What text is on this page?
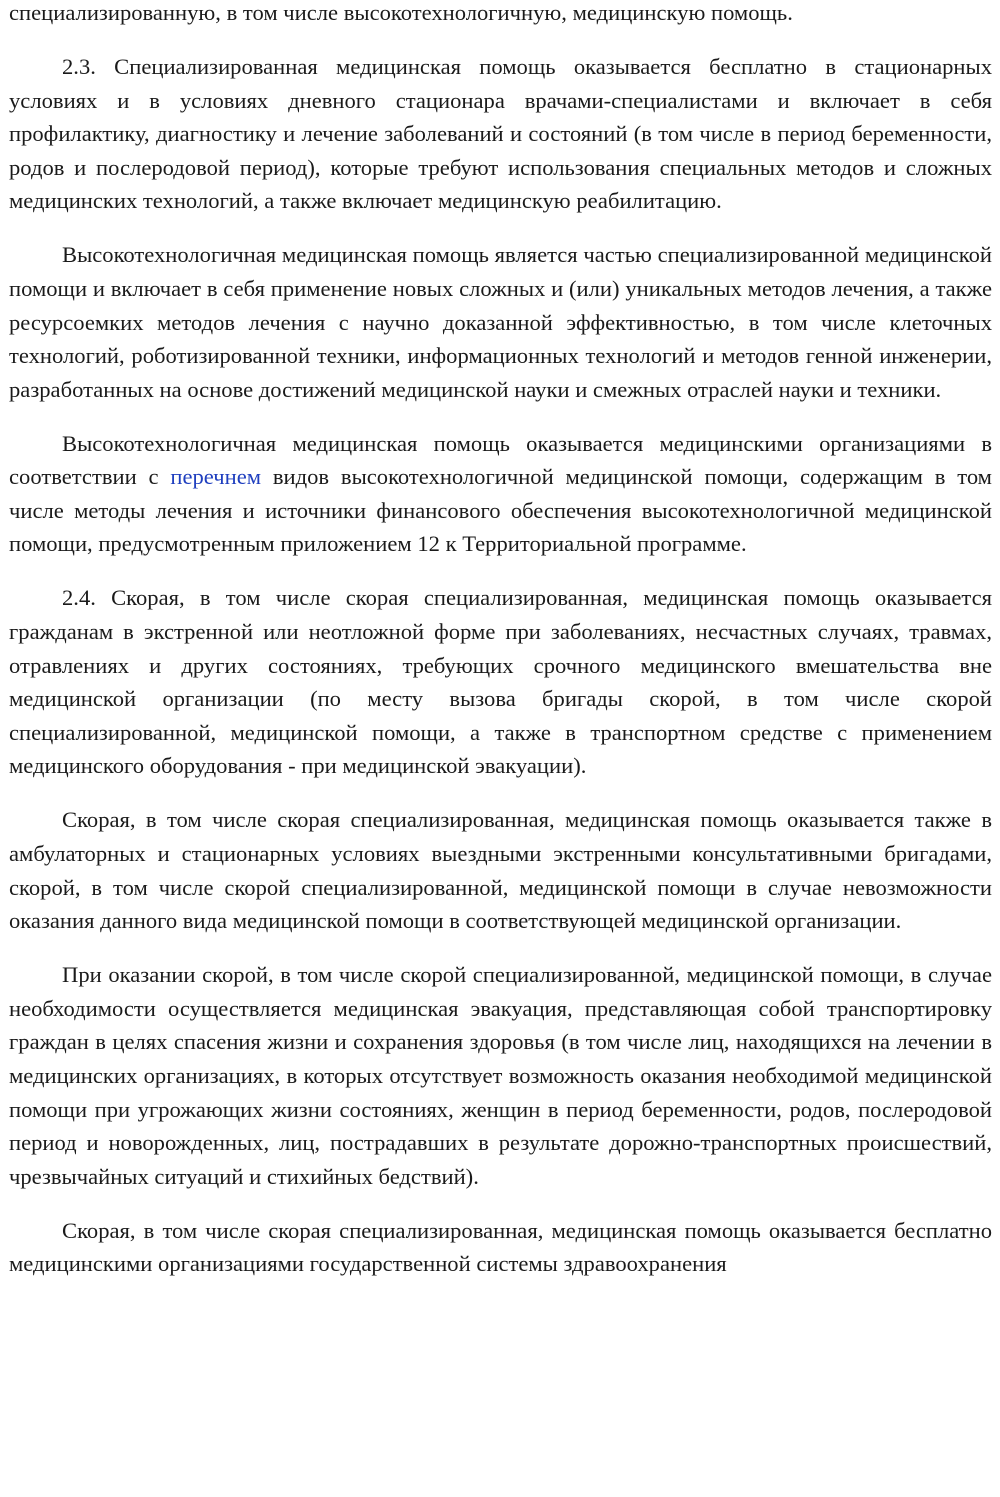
специализированную, в том числе высокотехнологичную, медицинскую помощь.

2.3. Специализированная медицинская помощь оказывается бесплатно в стационарных условиях и в условиях дневного стационара врачами-специалистами и включает в себя профилактику, диагностику и лечение заболеваний и состояний (в том числе в период беременности, родов и послеродовой период), которые требуют использования специальных методов и сложных медицинских технологий, а также включает медицинскую реабилитацию.

Высокотехнологичная медицинская помощь является частью специализированной медицинской помощи и включает в себя применение новых сложных и (или) уникальных методов лечения, а также ресурсоемких методов лечения с научно доказанной эффективностью, в том числе клеточных технологий, роботизированной техники, информационных технологий и методов генной инженерии, разработанных на основе достижений медицинской науки и смежных отраслей науки и техники.

Высокотехнологичная медицинская помощь оказывается медицинскими организациями в соответствии с перечнем видов высокотехнологичной медицинской помощи, содержащим в том числе методы лечения и источники финансового обеспечения высокотехнологичной медицинской помощи, предусмотренным приложением 12 к Территориальной программе.

2.4. Скорая, в том числе скорая специализированная, медицинская помощь оказывается гражданам в экстренной или неотложной форме при заболеваниях, несчастных случаях, травмах, отравлениях и других состояниях, требующих срочного медицинского вмешательства вне медицинской организации (по месту вызова бригады скорой, в том числе скорой специализированной, медицинской помощи, а также в транспортном средстве с применением медицинского оборудования - при медицинской эвакуации).

Скорая, в том числе скорая специализированная, медицинская помощь оказывается также в амбулаторных и стационарных условиях выездными экстренными консультативными бригадами, скорой, в том числе скорой специализированной, медицинской помощи в случае невозможности оказания данного вида медицинской помощи в соответствующей медицинской организации.

При оказании скорой, в том числе скорой специализированной, медицинской помощи, в случае необходимости осуществляется медицинская эвакуация, представляющая собой транспортировку граждан в целях спасения жизни и сохранения здоровья (в том числе лиц, находящихся на лечении в медицинских организациях, в которых отсутствует возможность оказания необходимой медицинской помощи при угрожающих жизни состояниях, женщин в период беременности, родов, послеродовой период и новорожденных, лиц, пострадавших в результате дорожно-транспортных происшествий, чрезвычайных ситуаций и стихийных бедствий).

Скорая, в том числе скорая специализированная, медицинская помощь оказывается бесплатно медицинскими организациями государственной системы здравоохранения
